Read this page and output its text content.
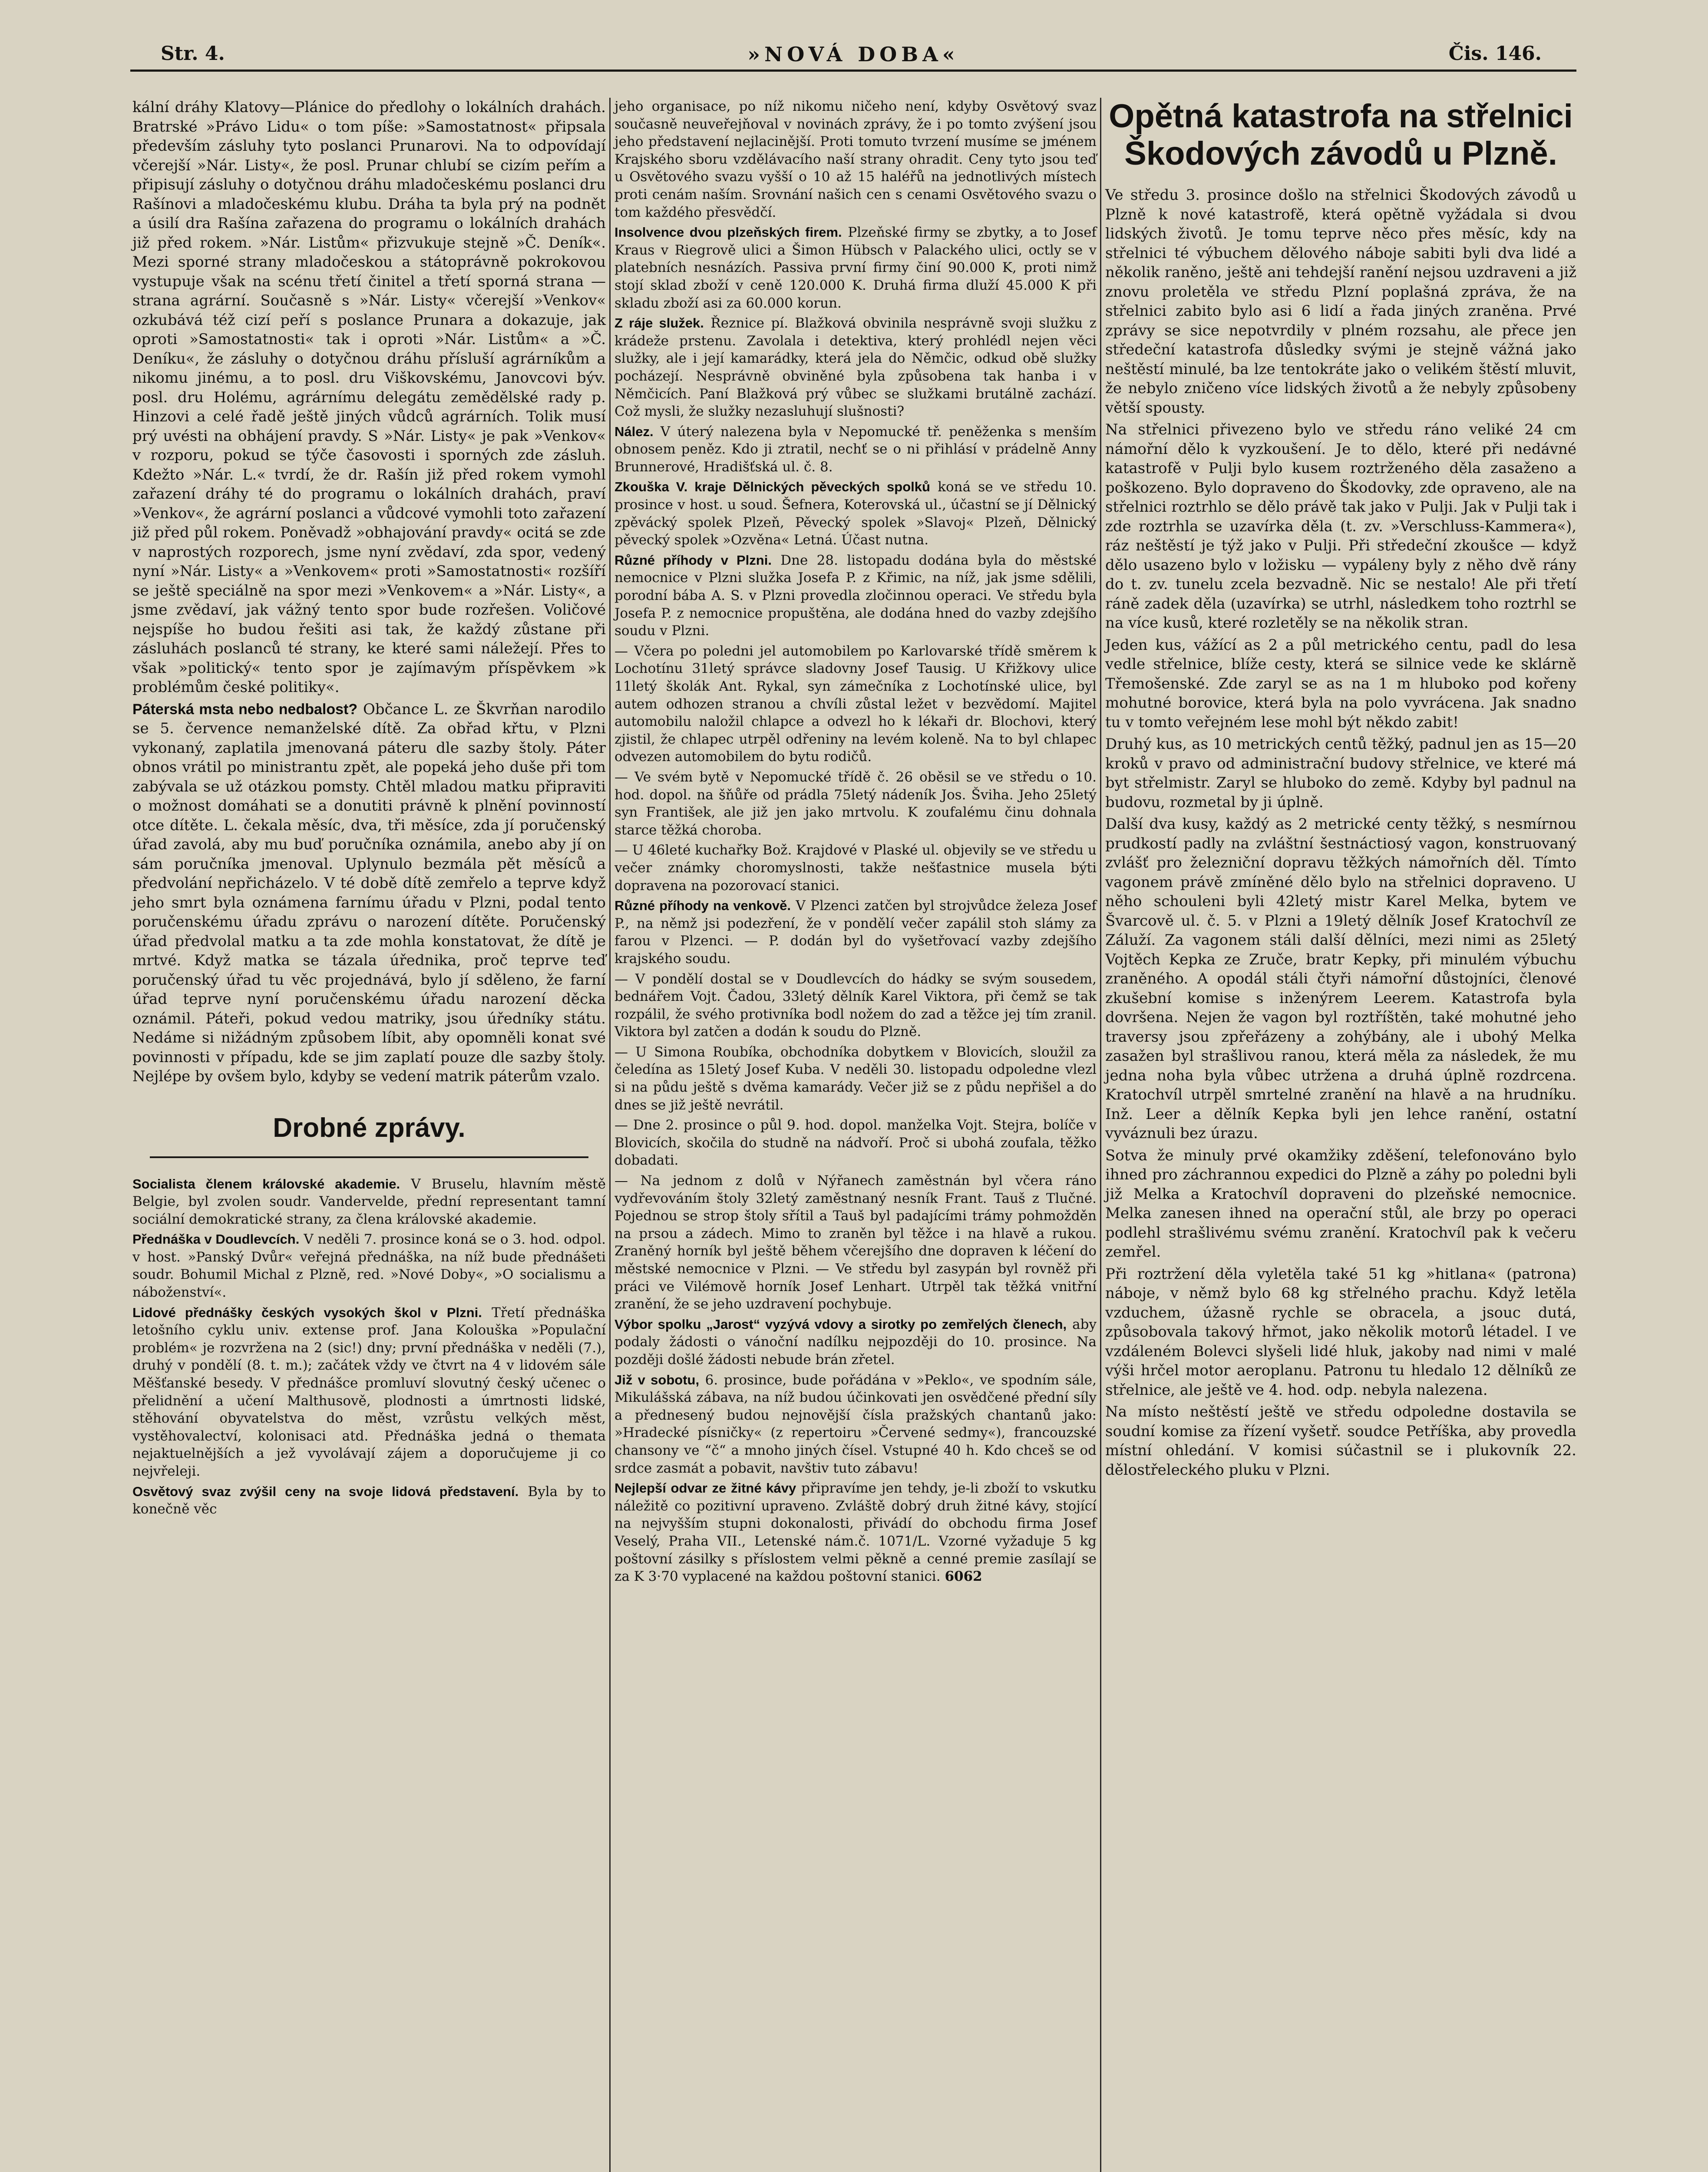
Str. 4.	»NOVÁ DOBA«	Čis. 146.

kální dráhy Klatovy—Plánice do předlohy o lokálních drahách. Bratrské »Právo Lidu« o tom píše: »Samostatnost« připsala především zásluhy tyto poslanci Prunarovi. Na to odpovídají včerejší »Nár. Listy«, že posl. Prunar chlubí se cizím peřím a připisují zásluhy o dotyčnou dráhu mladočeskému poslanci dru Rašínovi a mladočeskému klubu. Dráha ta byla prý na podnět a úsilí dra Rašína zařazena do programu o lokálních drahách již před rokem. »Nár. Listům« přizvukuje stejně »Č. Deník«. Mezi sporné strany mladočeskou a státoprávně pokrokovou vystupuje však na scénu třetí činitel a třetí sporná strana — strana agrární. Současně s »Nár. Listy« včerejší »Venkov« ozkubává též cizí peří s poslance Prunara a dokazuje, jak oproti »Samostatnosti« tak i oproti »Nár. Listům« a »Č. Deníku«, že zásluhy o dotyčnou dráhu přísluší agrárníkům a nikomu jinému, a to posl. dru Viškovskému, Janovcovi býv. posl. dru Holému, agrárnímu delegátu zemědělské rady p. Hinzovi a celé řadě ještě jiných vůdců agrárních. Tolik musí prý uvésti na obhájení pravdy. S »Nár. Listy« je pak »Venkov« v rozporu, pokud se týče časovosti i sporných zde zásluh. Kdežto »Nár. L.« tvrdí, že dr. Rašín již před rokem vymohl zařazení dráhy té do programu o lokálních drahách, praví »Venkov«, že agrární poslanci a vůdcové vymohli toto zařazení již před půl rokem. Poněvadž »obhajování pravdy« ocitá se zde v naprostých rozporech, jsme nyní zvědaví, zda spor, vedený nyní »Nár. Listy« a »Venkovem« proti »Samostatnosti« rozšíří se ještě speciálně na spor mezi »Venkovem« a »Nár. Listy«, a jsme zvědaví, jak vážný tento spor bude rozřešen. Voličové nejspíše ho budou řešiti asi tak, že každý zůstane při zásluhách poslanců té strany, ke které sami náležejí. Přes to však »politický« tento spor je zajímavým příspěvkem »k problémům české politiky«.

Páterská msta nebo nedbalost? Občance L. ze Škvrňan narodilo se 5. července nemanželské dítě. Za obřad křtu, v Plzni vykonaný, zaplatila jmenovaná páteru dle sazby štoly. Páter obnos vrátil po ministrantu zpět, ale popeká jeho duše při tom zabývala se už otázkou pomsty. Chtěl mladou matku připraviti o možnost domáhati se a donutiti právně k plnění povinností otce dítěte. L. čekala měsíc, dva, tři měsíce, zda jí poručenský úřad zavolá, aby mu buď poručníka oznámila, anebo aby jí on sám poručníka jmenoval. Uplynulo bezmála pět měsíců a předvolání nepřicházelo. V té době dítě zemřelo a teprve když jeho smrt byla oznámena farnímu úřadu v Plzni, podal tento poručenskému úřadu zprávu o narození dítěte. Poručenský úřad předvolal matku a ta zde mohla konstatovat, že dítě je mrtvé. Když matka se tázala úřednika, proč teprve teď poručenský úřad tu věc projednává, bylo jí sděleno, že farní úřad teprve nyní poručenskému úřadu narození děcka oznámil. Páteři, pokud vedou matriky, jsou úředníky státu. Nedáme si nižádným způsobem líbit, aby opomněli konat své povinnosti v případu, kde se jim zaplatí pouze dle sazby štoly. Nejlépe by ovšem bylo, kdyby se vedení matrik páterům vzalo.

Drobné zprávy.

Socialista členem královské akademie. V Bruselu, hlavním městě Belgie, byl zvolen soudr. Vandervelde, přední representant tamní sociální demokratické strany, za člena královské akademie.

Přednáška v Doudlevcích. V neděli 7. prosince koná se o 3. hod. odpol. v host. »Panský Dvůr« veřejná přednáška, na níž bude přednášeti soudr. Bohumil Michal z Plzně, red. »Nové Doby«, »O socialismu a náboženství«.

Lidové přednášky českých vysokých škol v Plzni. Třetí přednáška letošního cyklu univ. extense prof. Jana Kolouška »Populační problém« je rozvržena na 2 (sic!) dny; první přednáška v neděli (7.), druhý v pondělí (8. t. m.); začátek vždy ve čtvrt na 4 v lidovém sále Měšťanské besedy. V přednášce promluví slovutný český učenec o přelidnění a učení Malthusově, plodnosti a úmrtnosti lidské, stěhování obyvatelstva do měst, vzrůstu velkých měst, vystěhovalectví, kolonisaci atd. Přednáška jedná o themata nejaktuelnějších a jež vyvolávají zájem a doporučujeme ji co nejvřeleji.

Osvětový svaz zvýšil ceny na svoje lidová představení. Byla by to konečně věc

jeho organisace, po níž nikomu ničeho není, kdyby Osvětový svaz současně neuveřejňoval v novinách zprávy, že i po tomto zvýšení jsou jeho představení nejlacinější. Proti tomuto tvrzení musíme se jménem Krajského sboru vzdělávacího naší strany ohradit. Ceny tyto jsou teď u Osvětového svazu vyšší o 10 až 15 haléřů na jednotlivých místech proti cenám naším. Srovnání našich cen s cenami Osvětového svazu o tom každého přesvědčí.

Insolvence dvou plzeňských firem. Plzeňské firmy se zbytky, a to Josef Kraus v Riegrově ulici a Šimon Hübsch v Palackého ulici, octly se v platebních nesnázích. Passiva první firmy činí 90.000 K, proti nimž stojí sklad zboží v ceně 120.000 K. Druhá firma dluží 45.000 K při skladu zboží asi za 60.000 korun.

Z ráje služek. Řeznice pí. Blažková obvinila nesprávně svoji služku z krádeže prstenu. Zavolala i detektiva, který prohlédl nejen věci služky, ale i její kamarádky, která jela do Němčic, odkud obě služky pocházejí. Nesprávně obviněné byla způsobena tak hanba i v Němčicích. Paní Blažková prý vůbec se služkami brutálně zachází. Což mysli, že služky nezasluhují slušnosti?

Nález. V úterý nalezena byla v Nepomucké tř. peněženka s menším obnosem peněz. Kdo ji ztratil, nechť se o ni přihlásí v prádelně Anny Brunnerové, Hradišťská ul. č. 8.

Zkouška V. kraje Dělnických pěveckých spolků koná se ve středu 10. prosince v host. u soud. Šefnera, Koterovská ul., účastní se jí Dělnický zpěvácký spolek Plzeň, Pěvecký spolek »Slavoj« Plzeň, Dělnický pěvecký spolek »Ozvěna« Letná. Účast nutna.

Různé příhody v Plzni. Dne 28. listopadu dodána byla do městské nemocnice v Plzni služka Josefa P. z Křimic, na níž, jak jsme sdělili, porodní bába A. S. v Plzni provedla zločinnou operaci. Ve středu byla Josefa P. z nemocnice propuštěna, ale dodána hned do vazby zdejšího soudu v Plzni.

— Včera po poledni jel automobilem po Karlovarské třídě směrem k Lochotínu 31letý správce sladovny Josef Tausig. U Křižkovy ulice 11letý školák Ant. Rykal, syn zámečníka z Lochotínské ulice, byl autem odhozen stranou a chvíli zůstal ležet v bezvědomí. Majitel automobilu naložil chlapce a odvezl ho k lékaři dr. Blochovi, který zjistil, že chlapec utrpěl odřeniny na levém koleně. Na to byl chlapec odvezen automobilem do bytu rodičů.

— Ve svém bytě v Nepomucké třídě č. 26 oběsil se ve středu o 10. hod. dopol. na šňůře od prádla 75letý nádeník Jos. Šviha. Jeho 25letý syn František, ale již jen jako mrtvolu. K zoufalému činu dohnala starce těžká choroba.

— U 46leté kuchařky Bož. Krajdové v Plaské ul. objevily se ve středu u večer známky choromyslnosti, takže nešťastnice musela býti dopravena na pozorovací stanici.

Různé příhody na venkově. V Plzenci zatčen byl strojvůdce železa Josef P., na němž jsi podezření, že v pondělí večer zapálil stoh slámy za farou v Plzenci. — P. dodán byl do vyšetřovací vazby zdejšího krajského soudu.

— V pondělí dostal se v Doudlevcích do hádky se svým sousedem, bednářem Vojt. Čadou, 33letý dělník Karel Viktora, při čemž se tak rozpálil, že svého protivníka bodl nožem do zad a těžce jej tím zranil. Viktora byl zatčen a dodán k soudu do Plzně.

— U Simona Roubíka, obchodníka dobytkem v Blovicích, sloužil za čeledína as 15letý Josef Kuba. V neděli 30. listopadu odpoledne vlezl si na půdu ještě s dvěma kamarády. Večer již se z půdu nepřišel a do dnes se již ještě nevrátil.

— Dne 2. prosince o půl 9. hod. dopol. manželka Vojt. Stejra, bolíče v Blovicích, skočila do studně na nádvoří. Proč si ubohá zoufala, těžko dobadati.

— Na jednom z dolů v Nýřanech zaměstnán byl včera ráno vydřevováním štoly 32letý zaměstnaný nesník Frant. Tauš z Tlučné. Pojednou se strop štoly sřítil a Tauš byl padajícími trámy pohmožděn na prsou a zádech. Mimo to zraněn byl těžce i na hlavě a rukou. Zraněný horník byl ještě během včerejšího dne dopraven k léčení do městské nemocnice v Plzni. — Ve středu byl zasypán byl rovněž při práci ve Vilémově horník Josef Lenhart. Utrpěl tak těžká vnitřní zranění, že se jeho uzdravení pochybuje.

Výbor spolku „Jarost“ vyzývá vdovy a sirotky po zemřelých členech, aby podaly žádosti o vánoční nadílku nejpozději do 10. prosince. Na později došlé žádosti nebude brán zřetel.

Již v sobotu, 6. prosince, bude pořádána v »Peklo«, ve spodním sále, Mikulášská zábava, na níž budou účinkovati jen osvědčené přední síly a přednesený budou nejnovější čísla pražských chantanů jako: »Hradecké písničky« (z repertoiru »Červené sedmy«), francouzské chansony ve “č“ a mnoho jiných čísel. Vstupné 40 h. Kdo chceš se od srdce zasmát a pobavit, navštiv tuto zábavu!

Nejlepší odvar ze žitné kávy připravíme jen tehdy, je-li zboží to vskutku náležitě co pozitivní upraveno. Zvláště dobrý druh žitné kávy, stojící na nejvyšším stupni dokonalosti, přivádí do obchodu firma Josef Veselý, Praha VII., Letenské nám.č. 1071/L. Vzorné vyžaduje 5 kg poštovní zásilky s příslostem velmi pěkně a cenné premie zasílají se za K 3·70 vyplacené na každou poštovní stanici. 6062

Opětná katastrofa na střelnici Škodových závodů u Plzně.

Ve středu 3. prosince došlo na střelnici Škodových závodů u Plzně k nové katastrofě, která opětně vyžádala si dvou lidských životů. Je tomu teprve něco přes měsíc, kdy na střelnici té výbuchem dělového náboje sabiti byli dva lidé a několik raněno, ještě ani tehdejší ranění nejsou uzdraveni a již znovu proletěla ve středu Plzní poplašná zpráva, že na střelnici zabito bylo asi 6 lidí a řada jiných zraněna. Prvé zprávy se sice nepotvrdily v plném rozsahu, ale přece jen středeční katastrofa důsledky svými je stejně vážná jako neštěstí minulé, ba lze tentokráte jako o velikém štěstí mluvit, že nebylo zničeno více lidských životů a že nebyly způsobeny větší spousty.

Na střelnici přivezeno bylo ve středu ráno veliké 24 cm námořní dělo k vyzkoušení. Je to dělo, které při nedávné katastrofě v Pulji bylo kusem roztrženého děla zasaženo a poškozeno. Bylo dopraveno do Škodovky, zde opraveno, ale na střelnici roztrhlo se dělo právě tak jako v Pulji. Jak v Pulji tak i zde roztrhla se uzavírka děla (t. zv. »Verschluss-Kammera«), ráz neštěstí je týž jako v Pulji. Při středeční zkoušce — když dělo usazeno bylo v ložisku — vypáleny byly z něho dvě rány do t. zv. tunelu zcela bezvadně. Nic se nestalo! Ale při třetí ráně zadek děla (uzavírka) se utrhl, následkem toho roztrhl se na více kusů, které rozletěly se na několik stran.

Jeden kus, vážící as 2 a půl metrického centu, padl do lesa vedle střelnice, blíže cesty, která se silnice vede ke sklárně Třemošenské. Zde zaryl se as na 1 m hluboko pod kořeny mohutné borovice, která byla na polo vyvrácena. Jak snadno tu v tomto veřejném lese mohl být někdo zabit!

Druhý kus, as 10 metrických centů těžký, padnul jen as 15—20 kroků v pravo od administrační budovy střelnice, ve které má byt střelmistr. Zaryl se hluboko do země. Kdyby byl padnul na budovu, rozmetal by ji úplně.

Další dva kusy, každý as 2 metrické centy těžký, s nesmírnou prudkostí padly na zvláštní šestnáctiosý vagon, konstruovaný zvlášť pro železniční dopravu těžkých námořních děl. Tímto vagonem právě zmíněné dělo bylo na střelnici dopraveno. U něho schouleni byli 42letý mistr Karel Melka, bytem ve Švarcově ul. č. 5. v Plzni a 19letý dělník Josef Kratochvíl ze Záluží. Za vagonem stáli další dělníci, mezi nimi as 25letý Vojtěch Kepka ze Zruče, bratr Kepky, při minulém výbuchu zraněného. A opodál stáli čtyři námořní důstojníci, členové zkušební komise s inženýrem Leerem. Katastrofa byla dovršena. Nejen že vagon byl roztříštěn, také mohutné jeho traversy jsou zpřeřázeny a zohýbány, ale i ubohý Melka zasažen byl strašlivou ranou, která měla za následek, že mu jedna noha byla vůbec utržena a druhá úplně rozdrcena. Kratochvíl utrpěl smrtelné zranění na hlavě a na hrudníku. Inž. Leer a dělník Kepka byli jen lehce ranění, ostatní vyváznuli bez úrazu.

Sotva že minuly prvé okamžiky zděšení, telefonováno bylo ihned pro záchrannou expedici do Plzně a záhy po poledni byli již Melka a Kratochvíl dopraveni do plzeňské nemocnice. Melka zanesen ihned na operační stůl, ale brzy po operaci podlehl strašlivému svému zranění. Kratochvíl pak k večeru zemřel.

Při roztržení děla vyletěla také 51 kg »hitlana« (patrona) náboje, v němž bylo 68 kg střelného prachu. Když letěla vzduchem, úžasně rychle se obracela, a jsouc dutá, způsobovala takový hřmot, jako několik motorů létadel. I ve vzdáleném Bolevci slyšeli lidé hluk, jakoby nad nimi v malé výši hrčel motor aeroplanu. Patronu tu hledalo 12 dělníků ze střelnice, ale ještě ve 4. hod. odp. nebyla nalezena.

Na místo neštěstí ještě ve středu odpoledne dostavila se soudní komise za řízení vyšetř. soudce Petříška, aby provedla místní ohledání. V komisi súčastnil se i plukovník 22. dělostřeleckého pluku v Plzni.
